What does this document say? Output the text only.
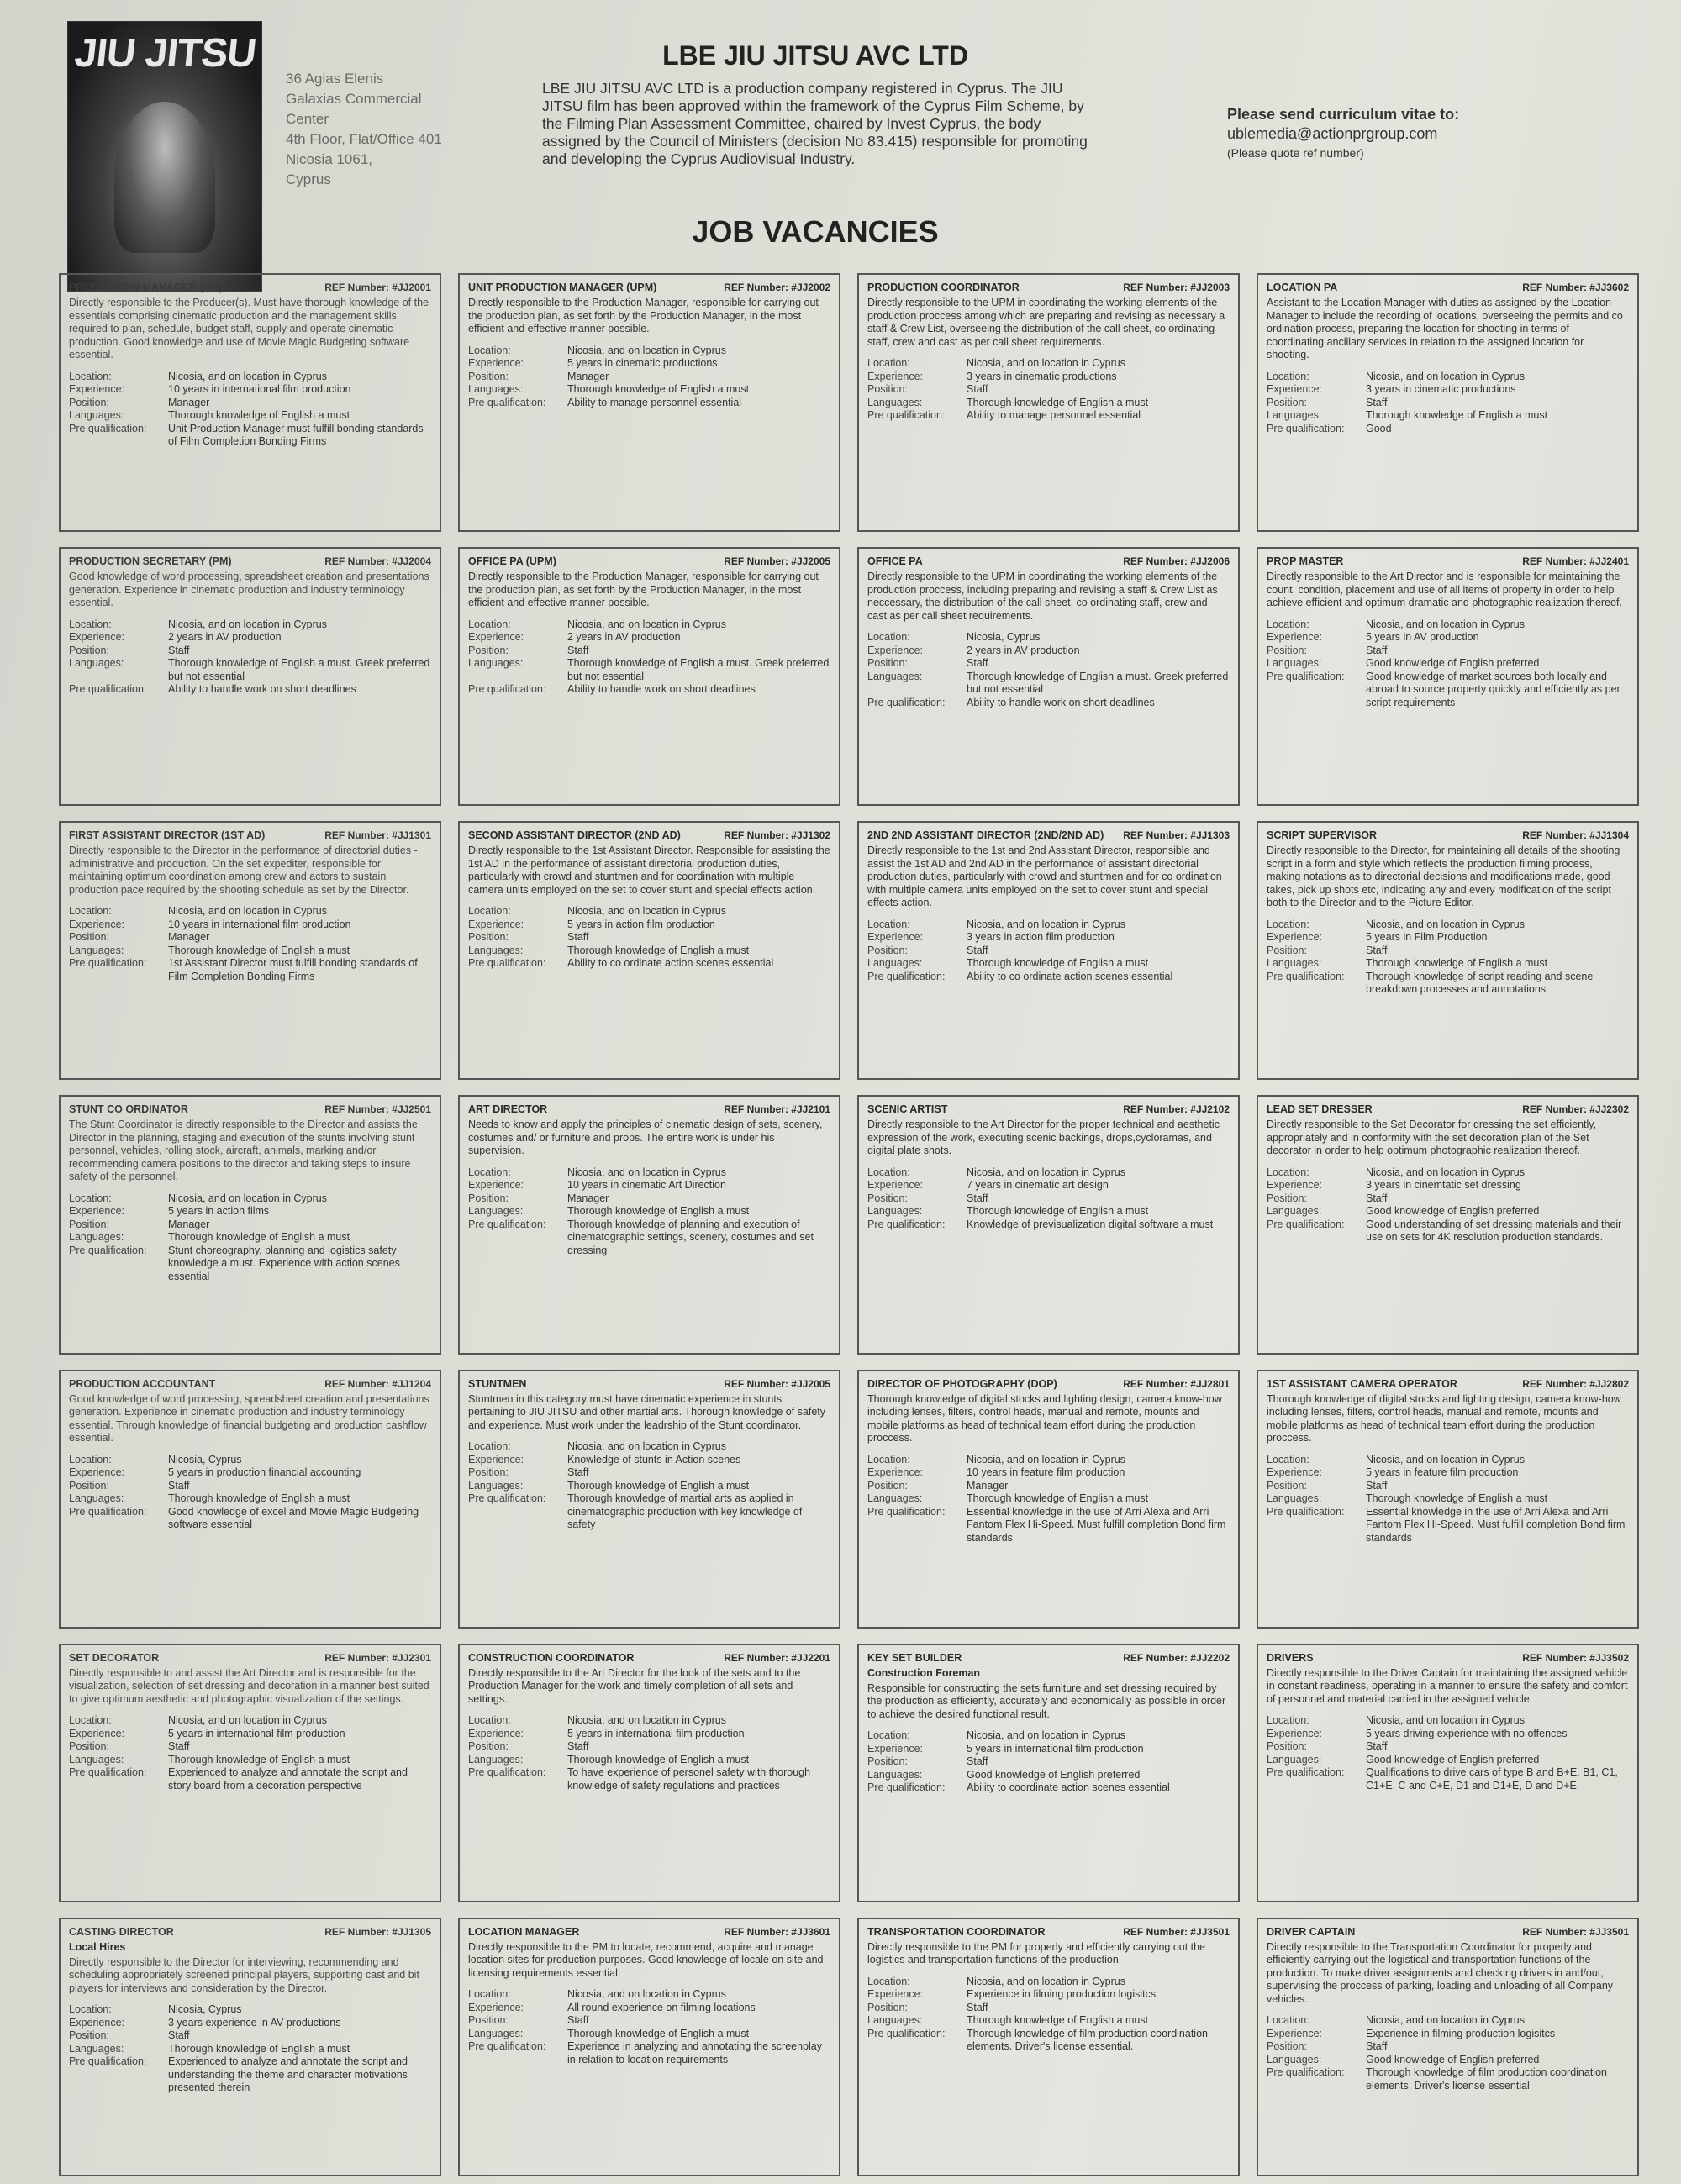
JIU JITSU
36 Agias Elenis
Galaxias Commercial
Center
4th Floor, Flat/Office 401
Nicosia 1061,
Cyprus
LBE JIU JITSU AVC LTD

LBE JIU JITSU AVC LTD is a production company registered in Cyprus. The JIU JITSU film has been approved within the framework of the Cyprus Film Scheme, by the Filming Plan Assessment Committee, chaired by Invest Cyprus, the body assigned by the Council of Ministers (decision No 83.415) responsible for promoting and developing the Cyprus Audiovisual Industry.

Please send curriculum vitae to:
ublemedia@actionprgroup.com
(Please quote ref number)
JOB VACANCIES
PRODUCTION MANAGER (PM)	REF Number: #JJ2001
Directly responsible to the Producer(s). Must have thorough knowledge of the essentials comprising cinematic production and the management skills required to plan, schedule, budget staff, supply and operate cinematic production. Good knowledge and use of Movie Magic Budgeting software essential.
Location:	Nicosia, and on location in Cyprus
Experience:	10 years in international film production
Position:	Manager
Languages:	Thorough knowledge of English a must
Pre qualification:	Unit Production Manager must fulfill bonding standards of Film Completion Bonding Firms
UNIT PRODUCTION MANAGER (UPM)	REF Number: #JJ2002
Directly responsible to the Production Manager, responsible for carrying out the production plan, as set forth by the Production Manager, in the most efficient and effective manner possible.
Location:	Nicosia, and on location in Cyprus
Experience:	5 years in cinematic productions
Position:	Manager
Languages:	Thorough knowledge of English a must
Pre qualification:	Ability to manage personnel essential
PRODUCTION COORDINATOR	REF Number: #JJ2003
Directly responsible to the UPM in coordinating the working elements of the production proccess among which are preparing and revising as necessary a staff & Crew List, overseeing the distribution of the call sheet, co ordinating staff, crew and cast as per call sheet requirements.
Location:	Nicosia, and on location in Cyprus
Experience:	3 years in cinematic productions
Position:	Staff
Languages:	Thorough knowledge of English a must
Pre qualification:	Ability to manage personnel essential
LOCATION PA	REF Number: #JJ3602
Assistant to the Location Manager with duties as assigned by the Location Manager to include the recording of locations, overseeing the permits and co ordination process, preparing the location for shooting in terms of coordinating ancillary services in relation to the assigned location for shooting.
Location:	Nicosia, and on location in Cyprus
Experience:	3 years in cinematic productions
Position:	Staff
Languages:	Thorough knowledge of English a must
Pre qualification:	Good
PRODUCTION SECRETARY (PM)	REF Number: #JJ2004
Good knowledge of word processing, spreadsheet creation and presentations generation. Experience in cinematic production and industry terminology essential.
Location:	Nicosia, and on location in Cyprus
Experience:	2 years in AV production
Position:	Staff
Languages:	Thorough knowledge of English a must. Greek preferred but not essential
Pre qualification:	Ability to handle work on short deadlines
OFFICE PA (UPM)	REF Number: #JJ2005
Directly responsible to the Production Manager, responsible for carrying out the production plan, as set forth by the Production Manager, in the most efficient and effective manner possible.
Location:	Nicosia, and on location in Cyprus
Experience:	2 years in AV production
Position:	Staff
Languages:	Thorough knowledge of English a must. Greek preferred but not essential
Pre qualification:	Ability to handle work on short deadlines
OFFICE PA	REF Number: #JJ2006
Directly responsible to the UPM in coordinating the working elements of the production proccess, including preparing and revising a staff & Crew List as neccessary, the distribution of the call sheet, co ordinating staff, crew and cast as per call sheet requirements.
Location:	Nicosia, Cyprus
Experience:	2 years in AV production
Position:	Staff
Languages:	Thorough knowledge of English a must. Greek preferred but not essential
Pre qualification:	Ability to handle work on short deadlines
PROP MASTER	REF Number: #JJ2401
Directly responsible to the Art Director and is responsible for maintaining the count, condition, placement and use of all items of property in order to help achieve efficient and optimum dramatic and photographic realization thereof.
Location:	Nicosia, and on location in Cyprus
Experience:	5 years in AV production
Position:	Staff
Languages:	Good knowledge of English preferred
Pre qualification:	Good knowledge of market sources both locally and abroad to source property quickly and efficiently as per script requirements
FIRST ASSISTANT DIRECTOR (1ST AD)	REF Number: #JJ1301
Directly responsible to the Director in the performance of directorial duties - administrative and production. On the set expediter, responsible for maintaining optimum coordination among crew and actors to sustain production pace required by the shooting schedule as set by the Director.
Location:	Nicosia, and on location in Cyprus
Experience:	10 years in international film production
Position:	Manager
Languages:	Thorough knowledge of English a must
Pre qualification:	1st Assistant Director must fulfill bonding standards of Film Completion Bonding Firms
SECOND ASSISTANT DIRECTOR (2ND AD)	REF Number: #JJ1302
Directly responsible to the 1st Assistant Director. Responsible for assisting the 1st AD in the performance of assistant directorial production duties, particularly with crowd and stuntmen and for coordination with multiple camera units employed on the set to cover stunt and special effects action.
Location:	Nicosia, and on location in Cyprus
Experience:	5 years in action film production
Position:	Staff
Languages:	Thorough knowledge of English a must
Pre qualification:	Ability to co ordinate action scenes essential
2ND 2ND ASSISTANT DIRECTOR (2ND/2ND AD) REF Number: #JJ1303
Directly responsible to the 1st and 2nd Assistant Director, responsible and assist the 1st AD and 2nd AD in the performance of assistant directorial production duties, particularly with crowd and stuntmen and for co ordination with multiple camera units employed on the set to cover stunt and special effects action.
Location:	Nicosia, and on location in Cyprus
Experience:	3 years in action film production
Position:	Staff
Languages:	Thorough knowledge of English a must
Pre qualification:	Ability to co ordinate action scenes essential
SCRIPT SUPERVISOR	REF Number: #JJ1304
Directly responsible to the Director, for maintaining all details of the shooting script in a form and style which reflects the production filming process, making notations as to directorial decisions and modifications made, good takes, pick up shots etc, indicating any and every modification of the script both to the Director and to the Picture Editor.
Location:	Nicosia, and on location in Cyprus
Experience:	5 years in Film Production
Position:	Staff
Languages:	Thorough knowledge of English a must
Pre qualification:	Thorough knowledge of script reading and scene breakdown processes and annotations
STUNT CO ORDINATOR	REF Number: #JJ2501
The Stunt Coordinator is directly responsible to the Director and assists the Director in the planning, staging and execution of the stunts involving stunt personnel, vehicles, rolling stock, aircraft, animals, marking and/or recommending camera positions to the director and taking steps to insure safety of the personnel.
Location:	Nicosia, and on location in Cyprus
Experience:	5 years in action films
Position:	Manager
Languages:	Thorough knowledge of English a must
Pre qualification:	Stunt choreography, planning and logistics safety knowledge a must. Experience with action scenes essential
ART DIRECTOR	REF Number: #JJ2101
Needs to know and apply the principles of cinematic design of sets, scenery, costumes and/ or furniture and props. The entire work is under his supervision.
Location:	Nicosia, and on location in Cyprus
Experience:	10 years in cinematic Art Direction
Position:	Manager
Languages:	Thorough knowledge of English a must
Pre qualification:	Thorough knowledge of planning and execution of cinematographic settings, scenery, costumes and set dressing
SCENIC ARTIST	REF Number: #JJ2102
Directly responsible to the Art Director for the proper technical and aesthetic expression of the work, executing scenic backings, drops,cycloramas, and digital plate shots.
Location:	Nicosia, and on location in Cyprus
Experience:	7 years in cinematic art design
Position:	Staff
Languages:	Thorough knowledge of English a must
Pre qualification:	Knowledge of previsualization digital software a must
LEAD SET DRESSER	REF Number: #JJ2302
Directly responsible to the Set Decorator for dressing the set efficiently, appropriately and in conformity with the set decoration plan of the Set decorator in order to help optimum photographic realization thereof.
Location:	Nicosia, and on location in Cyprus
Experience:	3 years in cinemtatic set dressing
Position:	Staff
Languages:	Good knowledge of English preferred
Pre qualification:	Good understanding of set dressing materials and their use on sets for 4K resolution production standards.
PRODUCTION ACCOUNTANT	REF Number: #JJ1204
Good knowledge of word processing, spreadsheet creation and presentations generation. Experience in cinematic production and industry terminology essential. Through knowledge of financial budgeting and production cashflow essential.
Location:	Nicosia, Cyprus
Experience:	5 years in production financial accounting
Position:	Staff
Languages:	Thorough knowledge of English a must
Pre qualification:	Good knowledge of excel and Movie Magic Budgeting software essential
STUNTMEN	REF Number: #JJ2005
Stuntmen in this category must have cinematic experience in stunts pertaining to JIU JITSU and other martial arts. Thorough knowledge of safety and experience. Must work under the leadrship of the Stunt coordinator.
Location:	Nicosia, and on location in Cyprus
Experience:	Knowledge of stunts in Action scenes
Position:	Staff
Languages:	Thorough knowledge of English a must
Pre qualification:	Thorough knowledge of martial arts as applied in cinematographic production with key knowledge of safety
DIRECTOR OF PHOTOGRAPHY (DOP)	REF Number: #JJ2801
Thorough knowledge of digital stocks and lighting design, camera know-how including lenses, filters, control heads, manual and remote, mounts and mobile platforms as head of technical team effort during the production proccess.
Location:	Nicosia, and on location in Cyprus
Experience:	10 years in feature film production
Position:	Manager
Languages:	Thorough knowledge of English a must
Pre qualification:	Essential knowledge in the use of Arri Alexa and Arri Fantom Flex Hi-Speed. Must fulfill completion Bond firm standards
1ST ASSISTANT CAMERA OPERATOR	REF Number: #JJ2802
Thorough knowledge of digital stocks and lighting design, camera know-how including lenses, filters, control heads, manual and remote, mounts and mobile platforms as head of technical team effort during the production proccess.
Location:	Nicosia, and on location in Cyprus
Experience:	5 years in feature film production
Position:	Staff
Languages:	Thorough knowledge of English a must
Pre qualification:	Essential knowledge in the use of Arri Alexa and Arri Fantom Flex Hi-Speed. Must fulfill completion Bond firm standards
SET DECORATOR	REF Number: #JJ2301
Directly responsible to and assist the Art Director and is responsible for the visualization, selection of set dressing and decoration in a manner best suited to give optimum aesthetic and photographic visualization of the settings.
Location:	Nicosia, and on location in Cyprus
Experience:	5 years in international film production
Position:	Staff
Languages:	Thorough knowledge of English a must
Pre qualification:	Experienced to analyze and annotate the script and story board from a decoration perspective
CONSTRUCTION COORDINATOR	REF Number: #JJ2201
Directly responsible to the Art Director for the look of the sets and to the Production Manager for the work and timely completion of all sets and settings.
Location:	Nicosia, and on location in Cyprus
Experience:	5 years in international film production
Position:	Staff
Languages:	Thorough knowledge of English a must
Pre qualification:	To have experience of personel safety with thorough knowledge of safety regulations and practices
KEY SET BUILDER	REF Number: #JJ2202
Construction Foreman
Responsible for constructing the sets furniture and set dressing required by the production as efficiently, accurately and economically as possible in order to achieve the desired functional result.
Location:	Nicosia, and on location in Cyprus
Experience:	5 years in international film production
Position:	Staff
Languages:	Good knowledge of English preferred
Pre qualification:	Ability to coordinate action scenes essential
DRIVERS	REF Number: #JJ3502
Directly responsible to the Driver Captain for maintaining the assigned vehicle in constant readiness, operating in a manner to ensure the safety and comfort of personnel and material carried in the assigned vehicle.
Location:	Nicosia, and on location in Cyprus
Experience:	5 years driving experience with no offences
Position:	Staff
Languages:	Good knowledge of English preferred
Pre qualification:	Qualifications to drive cars of type B and B+E, B1, C1, C1+E, C and C+E, D1 and D1+E, D and D+E
CASTING DIRECTOR	REF Number: #JJ1305
Local Hires
Directly responsible to the Director for interviewing, recommending and scheduling appropriately screened principal players, supporting cast and bit players for interviews and consideration by the Director.
Location:	Nicosia, Cyprus
Experience:	3 years experience in AV productions
Position:	Staff
Languages:	Thorough knowledge of English a must
Pre qualification:	Experienced to analyze and annotate the script and understanding the theme and character motivations presented therein
LOCATION MANAGER	REF Number: #JJ3601
Directly responsible to the PM to locate, recommend, acquire and manage location sites for production purposes. Good knowledge of locale on site and licensing requirements essential.
Location:	Nicosia, and on location in Cyprus
Experience:	All round experience on filming locations
Position:	Staff
Languages:	Thorough knowledge of English a must
Pre qualification:	Experience in analyzing and annotating the screenplay in relation to location requirements
TRANSPORTATION COORDINATOR	REF Number: #JJ3501
Directly responsible to the PM for properly and efficiently carrying out the logistics and transportation functions of the production.
Location:	Nicosia, and on location in Cyprus
Experience:	Experience in filming production logisitcs
Position:	Staff
Languages:	Thorough knowledge of English a must
Pre qualification:	Thorough knowledge of film production coordination elements. Driver's license essential.
DRIVER CAPTAIN	REF Number: #JJ3501
Directly responsible to the Transportation Coordinator for properly and efficiently carrying out the logistical and transportation functions of the production. To make driver assignments and checking drivers in and/out, supervising the proccess of parking, loading and unloading of all Company vehicles.
Location:	Nicosia, and on location in Cyprus
Experience:	Experience in filming production logisitcs
Position:	Staff
Languages:	Good knowledge of English preferred
Pre qualification:	Thorough knowledge of film production coordination elements. Driver's license essential
